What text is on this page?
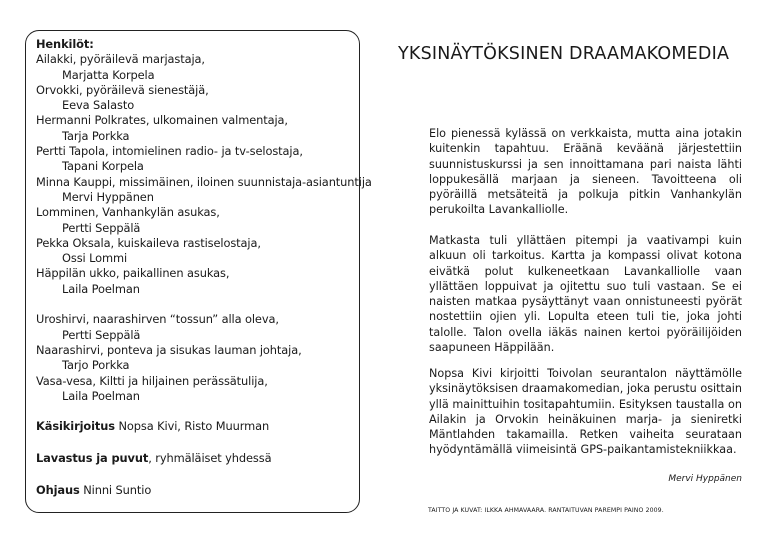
Henkilöt:
Ailakki, pyöräilevä marjastaja,
Marjatta Korpela
Orvokki, pyöräilevä sienestäjä,
Eeva Salasto
Hermanni Polkrates, ulkomainen valmentaja,
Tarja Porkka
Pertti Tapola, intomielinen radio- ja tv-selostaja,
Tapani Korpela
Minna Kauppi, missimäinen, iloinen suunnistaja-asiantuntija
Mervi Hyppänen
Lomminen, Vanhankylän asukas,
Pertti Seppälä
Pekka Oksala, kuiskaileva rastiselostaja,
Ossi Lommi
Häppilän ukko, paikallinen asukas,
Laila Poelman
Uroshirvi, naarashirven “tossun” alla oleva,
Pertti Seppälä
Naarashirvi, ponteva ja sisukas lauman johtaja,
Tarjo Porkka
Vasa-vesa, Kiltti ja hiljainen perässätulija,
Laila Poelman
Käsikirjoitus Nopsa Kivi, Risto Muurman
Lavastus ja puvut, ryhmäläiset yhdessä
Ohjaus Ninni Suntio
YKSINÄYTÖKSINEN DRAAMAKOMEDIA

Elo pienessä kylässä on verkkaista, mutta aina jotakin kuitenkin tapahtuu. Eräänä keväänä järjestettiin suunnistuskurssi ja sen innoittamana pari naista lähti loppukesällä marjaan ja sieneen. Tavoitteena oli pyöräillä metsäteitä ja polkuja pitkin Vanhankylän perukoilta Lavankalliolle.

Matkasta tuli yllättäen pitempi ja vaativampi kuin alkuun oli tarkoitus. Kartta ja kompassi olivat kotona eivätkä polut kulkeneetkaan Lavankalliolle vaan yllättäen loppuivat ja ojitettu suo tuli vastaan. Se ei naisten matkaa pysäyttänyt vaan onnistuneesti pyörät nostettiin ojien yli. Lopulta eteen tuli tie, joka johti talolle. Talon ovella iäkäs nainen kertoi pyöräilijöiden saapuneen Häppilään.

Nopsa Kivi kirjoitti Toivolan seurantalon näyttämölle yksinäytöksisen draamakomedian, joka perustu osittain yllä mainittuihin tositapahtumiin. Esityksen taustalla on Ailakin ja Orvokin heinäkuinen marja- ja sieniretki Mäntlahden takamailla. Retken vaiheita seurataan hyödyntämällä viimeisintä GPS-paikantamistekniikkaa.

Mervi Hyppänen
TAITTO JA KUVAT: ILKKA AHMAVAARA. RANTAITUVAN PAREMPI PAINO 2009.
